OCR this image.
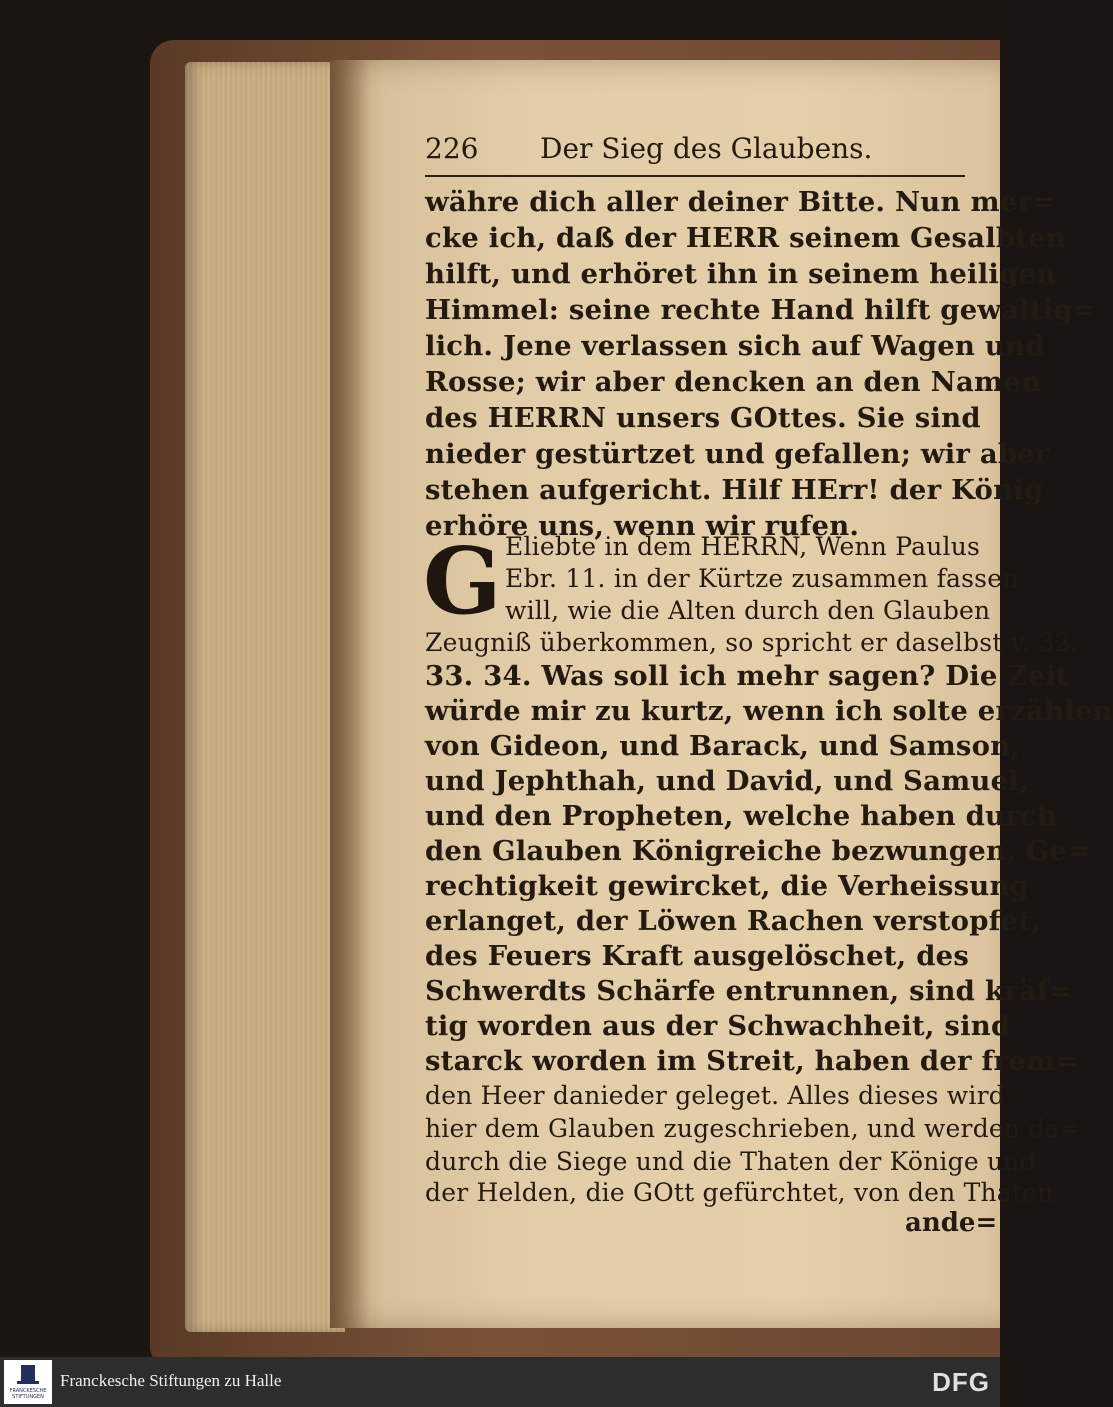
226 Der Sieg des Glaubens.
währe dich aller deiner Bitte. Nun mer=
cke ich, daß der HERR seinem Gesalbten
hilft, und erhöret ihn in seinem heiligen
Himmel: seine rechte Hand hilft gewaltig=
lich. Jene verlassen sich auf Wagen und
Rosse; wir aber dencken an den Namen
des HERRN unsers GOttes. Sie sind
nieder gestürtzet und gefallen; wir aber
stehen aufgericht. Hilf HErr! der König
erhöre uns, wenn wir rufen.
G Eliebte in dem HERRN, Wenn Paulus
Ebr. 11. in der Kürtze zusammen fassen
will, wie die Alten durch den Glauben
Zeugniß überkommen, so spricht er daselbst v. 32.
33. 34. Was soll ich mehr sagen? Die Zeit
würde mir zu kurtz, wenn ich solte erzählen
von Gideon, und Barack, und Samson,
und Jephthah, und David, und Samuel,
und den Propheten, welche haben durch
den Glauben Königreiche bezwungen, Ge=
rechtigkeit gewircket, die Verheissung
erlanget, der Löwen Rachen verstopfet,
des Feuers Kraft ausgelöschet, des
Schwerdts Schärfe entrunnen, sind kräf=
tig worden aus der Schwachheit, sind
starck worden im Streit, haben der frem=
den Heer danieder geleget. Alles dieses wird
hier dem Glauben zugeschrieben, und werden da=
durch die Siege und die Thaten der Könige und
der Helden, die GOtt gefürchtet, von den Thaten
ande=
FRANCKESCHE STIFTUNGEN
Franckesche Stiftungen zu Halle	DFG
